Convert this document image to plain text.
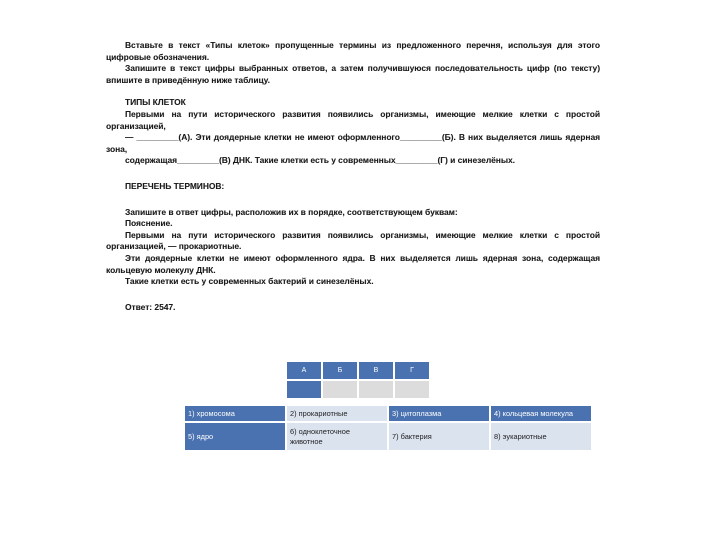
Вставьте в текст «Типы клеток» пропущенные термины из предложенного перечня, используя для этого цифровые обозначения.

Запишите в текст цифры выбранных ответов, а затем получившуюся последовательность цифр (по тексту) впишите в приведённую ниже таблицу.

ТИПЫ КЛЕТОК

Первыми на пути исторического развития появились организмы, имеющие мелкие клетки с простой организацией,

— _________(А). Эти доядерные клетки не имеют оформленного_________(Б). В них выделяется лишь ядерная зона,

содержащая_________(В) ДНК. Такие клетки есть у современных_________(Г) и синезелёных.

ПЕРЕЧЕНЬ ТЕРМИНОВ:

Запишите в ответ цифры, расположив их в порядке, соответствующем буквам:

Пояснение.

Первыми на пути исторического развития появились организмы, имеющие мелкие клетки с простой организацией, — прокариотные.

Эти доядерные клетки не имеют оформленного ядра. В них выделяется лишь ядерная зона, содержащая кольцевую молекулу ДНК.

Такие клетки есть у современных бактерий и синезелёных.

Ответ: 2547.

А	Б	В	Г

1) хромосома	2) прокариотные	3) цитоплазма	4) кольцевая молекула
5) ядро	6) одноклеточное животное	7) бактерия	8) эукариотные
